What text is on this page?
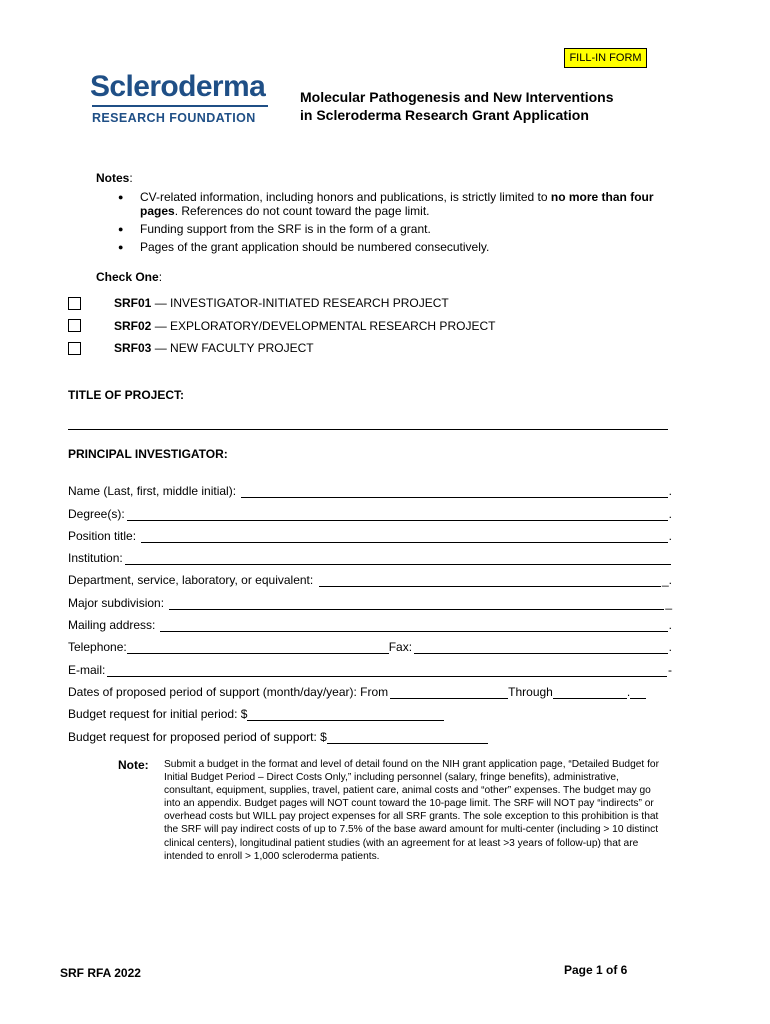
FILL-IN FORM
Scleroderma
RESEARCH FOUNDATION
Molecular Pathogenesis and New Interventions in Scleroderma Research Grant Application
Notes:
● CV-related information, including honors and publications, is strictly limited to no more than four pages. References do not count toward the page limit.
● Funding support from the SRF is in the form of a grant.
● Pages of the grant application should be numbered consecutively.
Check One:
SRF01 — INVESTIGATOR-INITIATED RESEARCH PROJECT
SRF02 — EXPLORATORY/DEVELOPMENTAL RESEARCH PROJECT
SRF03 — NEW FACULTY PROJECT
TITLE OF PROJECT:
PRINCIPAL INVESTIGATOR:
Name (Last, first, middle initial):	.
Degree(s):	.
Position title:	.
Institution:
Department, service, laboratory, or equivalent:	_.
Major subdivision:	_
Mailing address:	.
Telephone:	Fax:	.
E-mail:	-
Dates of proposed period of support (month/day/year): From	Through	.
Budget request for initial period: $
Budget request for proposed period of support: $
Note:	Submit a budget in the format and level of detail found on the NIH grant application page, “Detailed Budget for Initial Budget Period – Direct Costs Only,” including personnel (salary, fringe benefits), administrative, consultant, equipment, supplies, travel, patient care, animal costs and “other” expenses. The budget may go into an appendix. Budget pages will NOT count toward the 10-page limit. The SRF will NOT pay “indirects” or overhead costs but WILL pay project expenses for all SRF grants. The sole exception to this prohibition is that the SRF will pay indirect costs of up to 7.5% of the base award amount for multi-center (including > 10 distinct clinical centers), longitudinal patient studies (with an agreement for at least >3 years of follow-up) that are intended to enroll > 1,000 scleroderma patients.
SRF RFA 2022	Page 1 of 6
